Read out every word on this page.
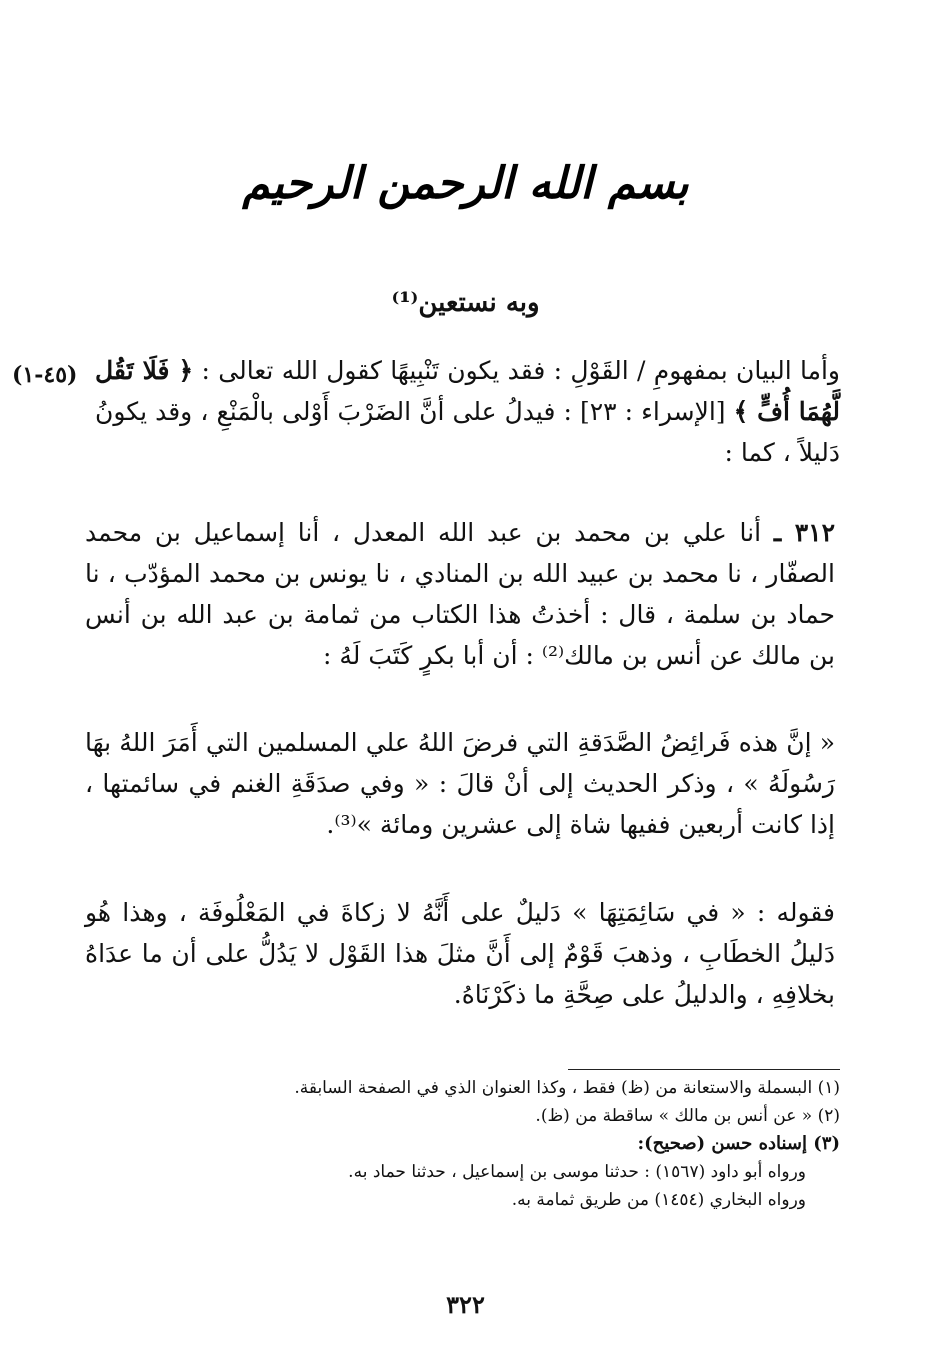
بسم الله الرحمن الرحيم
وبه نستعين⁽¹⁾
(٤٥-١)	وأما البيان بمفهومِ / القَوْلِ : فقد يكون تَنْبِيهًا كقول الله تعالى : ﴿ فَلَا تَقُل لَّهُمَا أُفٍّ ﴾ [الإسراء : ٢٣] : فيدلُ على أنَّ الضَرْبَ أَوْلى بالْمَنْعِ ، وقد يكونُ دَليلاً ، كما :
٣١٢ ـ أنا علي بن محمد بن عبد الله المعدل ، أنا إسماعيل بن محمد الصفّار ، نا محمد بن عبيد الله بن المنادي ، نا يونس بن محمد المؤدّب ، نا حماد بن سلمة ، قال : أخذتُ هذا الكتاب من ثمامة بن عبد الله بن أنس بن مالك عن أنس بن مالك⁽²⁾ : أن أبا بكرٍ كَتَبَ لَهُ :
« إنَّ هذه فَرائِضُ الصَّدَقةِ التي فرضَ اللهُ علي المسلمين التي أَمَرَ اللهُ بهَا رَسُولَهُ » ، وذكر الحديث إلى أنْ قالَ : « وفي صدَقَةِ الغنم في سائمتها ، إذا كانت أربعين ففيها شاة إلى عشرين ومائة »⁽³⁾.
فقوله : « في سَائِمَتِهَا » دَليلٌ على أَنَّهُ لا زكاةَ في المَعْلُوفَة ، وهذا هُو دَليلُ الخطَابِ ، وذهبَ قَوْمٌ إلى أَنَّ مثلَ هذا القَوْل لا يَدُلُّ على أن ما عدَاهُ بخلافِهِ ، والدليلُ على صِحَّةِ ما ذكَرْنَاهُ.

(١) البسملة والاستعانة من (ظ) فقط ، وكذا العنوان الذي في الصفحة السابقة.

(٢) « عن أنس بن مالك » ساقطة من (ظ).

(٣) إسناده حسن (صحيح):

ورواه أبو داود (١٥٦٧) : حدثنا موسى بن إسماعيل ، حدثنا حماد به.

ورواه البخاري (١٤٥٤) من طريق ثمامة به.

٣٢٢
